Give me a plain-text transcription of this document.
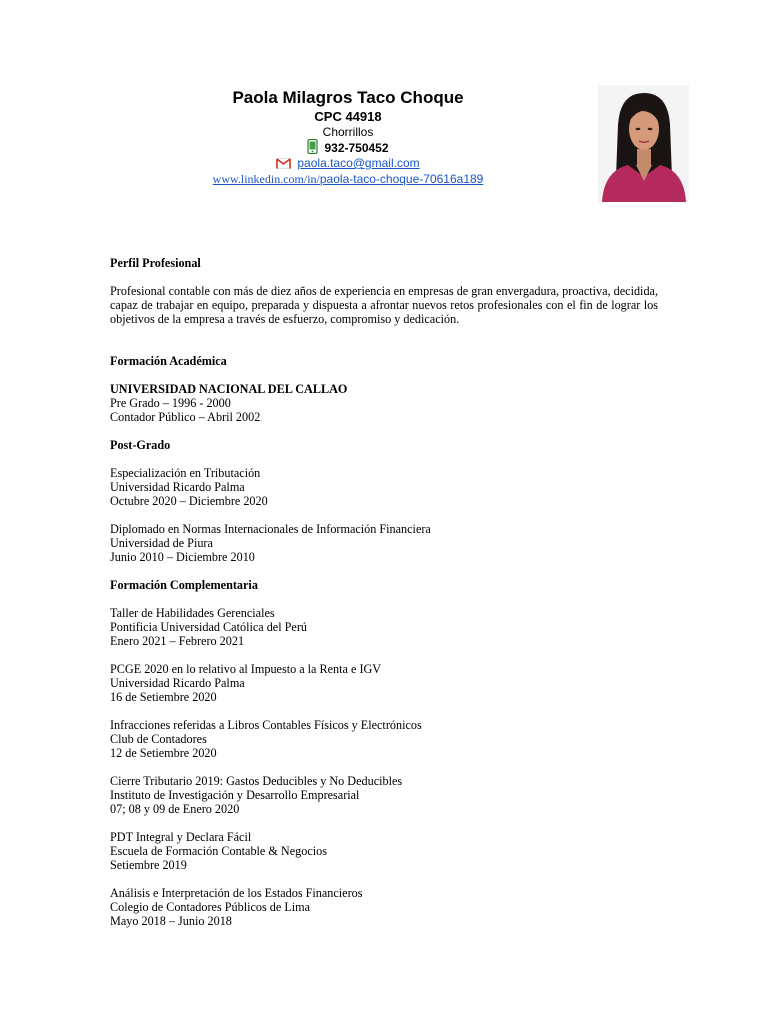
Paola Milagros Taco Choque
CPC 44918
Chorrillos
932-750452
paola.taco@gmail.com
www.linkedin.com/in/paola-taco-choque-70616a189

Perfil Profesional

Profesional contable con más de diez años de experiencia en empresas de gran envergadura, proactiva, decidida, capaz de trabajar en equipo, preparada y dispuesta a afrontar nuevos retos profesionales con el fin de lograr los objetivos de la empresa a través de esfuerzo, compromiso y dedicación.

Formación Académica

UNIVERSIDAD NACIONAL DEL CALLAO

Pre Grado – 1996 - 2000

Contador Público – Abril 2002

Post-Grado

Especialización en Tributación

Universidad Ricardo Palma

Octubre 2020 – Diciembre 2020

Diplomado en Normas Internacionales de Información Financiera

Universidad de Piura

Junio 2010 – Diciembre 2010

Formación Complementaria

Taller de Habilidades Gerenciales

Pontificia Universidad Católica del Perú

Enero 2021 – Febrero 2021

PCGE 2020 en lo relativo al Impuesto a la Renta e IGV

Universidad Ricardo Palma

16 de Setiembre 2020

Infracciones referidas a Libros Contables Físicos y Electrónicos

Club de Contadores

12 de Setiembre 2020

Cierre Tributario 2019: Gastos Deducibles y No Deducibles

Instituto de Investigación y Desarrollo Empresarial

07; 08 y 09 de Enero 2020

PDT Integral y Declara Fácil

Escuela de Formación Contable & Negocios

Setiembre 2019

Análisis e Interpretación de los Estados Financieros

Colegio de Contadores Públicos de Lima

Mayo 2018 – Junio 2018
